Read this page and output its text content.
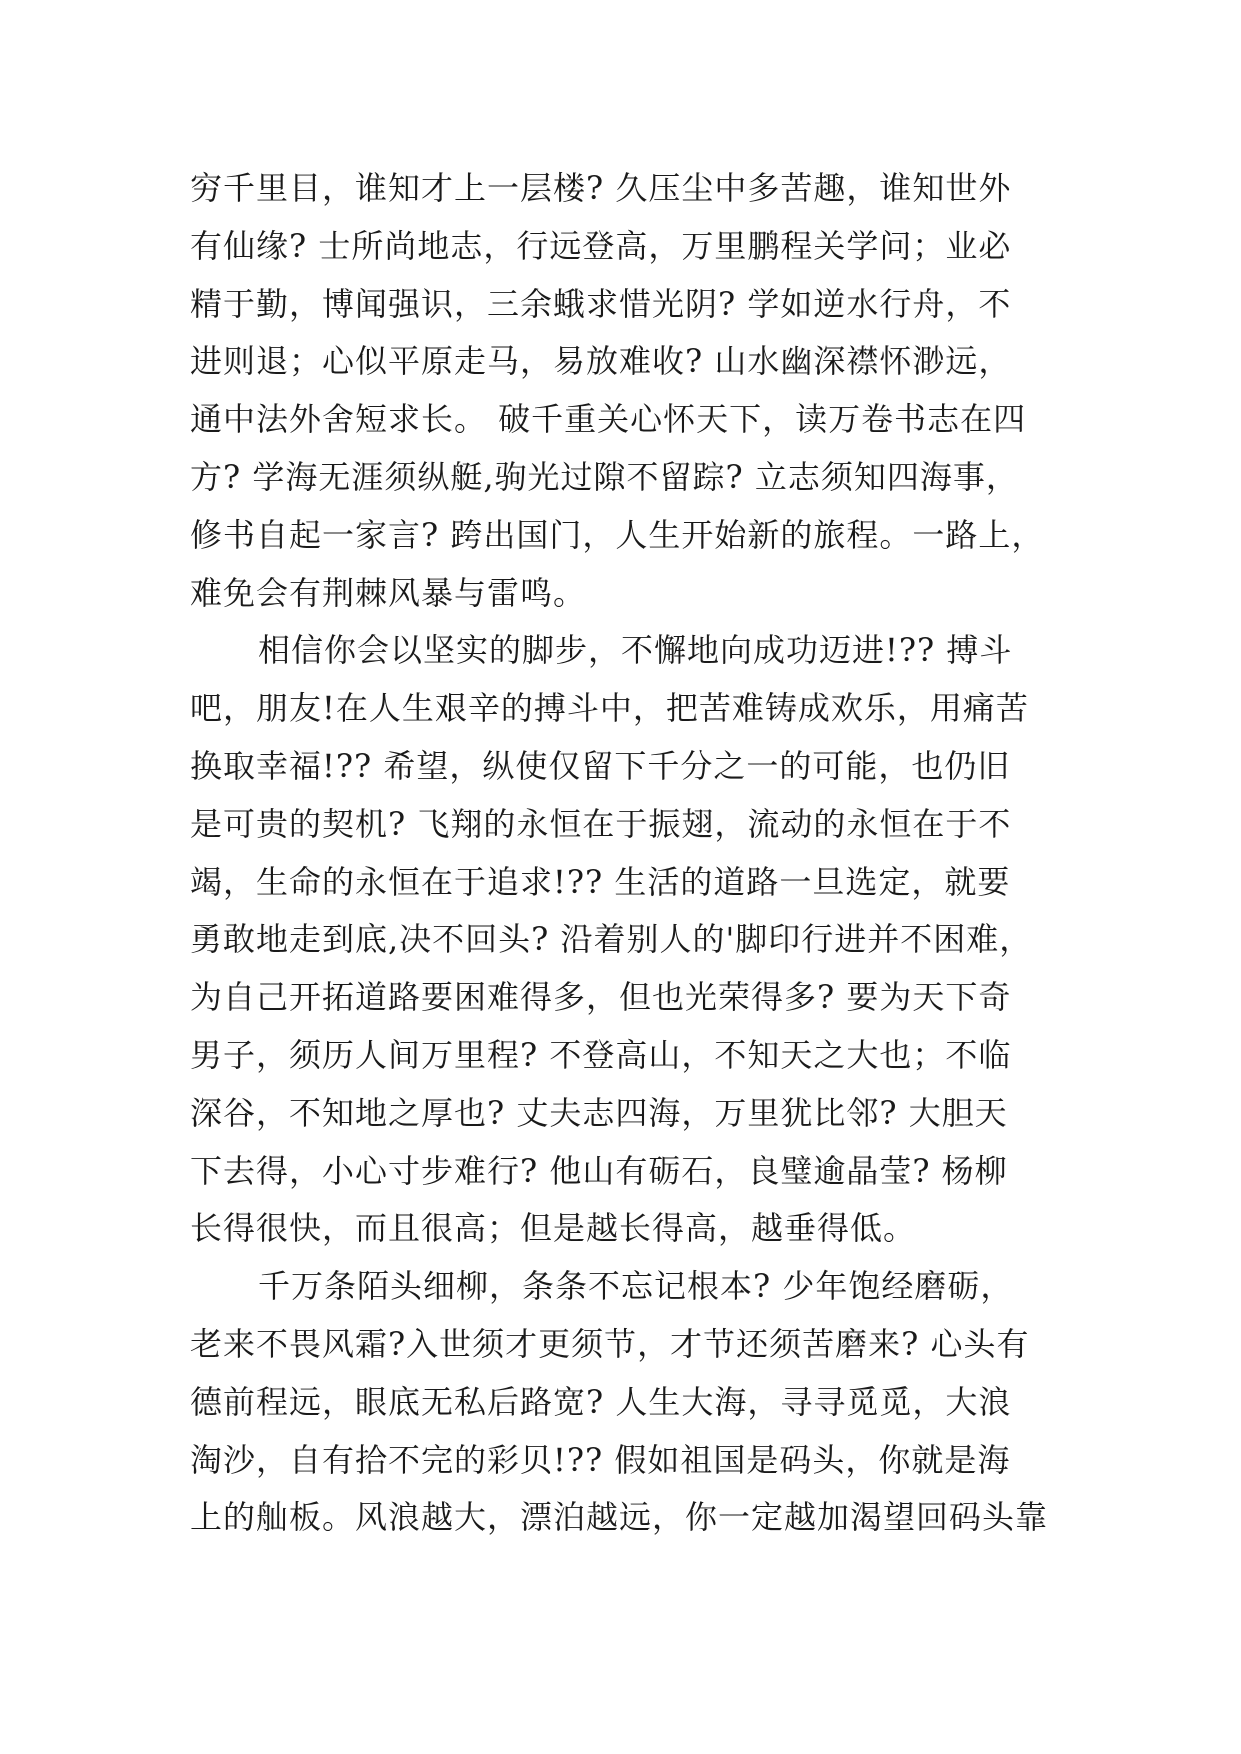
穷千里目，谁知才上一层楼? 久压尘中多苦趣，谁知世外
有仙缘? 士所尚地志，行远登高，万里鹏程关学问；业必
精于勤，博闻强识，三余蛾求惜光阴? 学如逆水行舟，不
进则退；心似平原走马，易放难收? 山水幽深襟怀渺远，
通中法外舍短求长。 破千重关心怀天下，读万卷书志在四
方? 学海无涯须纵艇,驹光过隙不留踪? 立志须知四海事，
修书自起一家言? 跨出国门，人生开始新的旅程。一路上，
难免会有荆棘风暴与雷鸣。
相信你会以坚实的脚步，不懈地向成功迈进!?? 搏斗
吧，朋友!在人生艰辛的搏斗中，把苦难铸成欢乐，用痛苦
换取幸福!?? 希望，纵使仅留下千分之一的可能，也仍旧
是可贵的契机? 飞翔的永恒在于振翅，流动的永恒在于不
竭，生命的永恒在于追求!?? 生活的道路一旦选定，就要
勇敢地走到底,决不回头? 沿着别人的'脚印行进并不困难，
为自己开拓道路要困难得多，但也光荣得多? 要为天下奇
男子，须历人间万里程? 不登高山，不知天之大也；不临
深谷，不知地之厚也? 丈夫志四海，万里犹比邻? 大胆天
下去得，小心寸步难行? 他山有砺石，良璧逾晶莹? 杨柳
长得很快，而且很高；但是越长得高，越垂得低。
千万条陌头细柳，条条不忘记根本? 少年饱经磨砺，
老来不畏风霜?入世须才更须节，才节还须苦磨来? 心头有
德前程远，眼底无私后路宽? 人生大海，寻寻觅觅，大浪
淘沙，自有拾不完的彩贝!?? 假如祖国是码头，你就是海
上的舢板。风浪越大，漂泊越远，你一定越加渴望回码头靠
